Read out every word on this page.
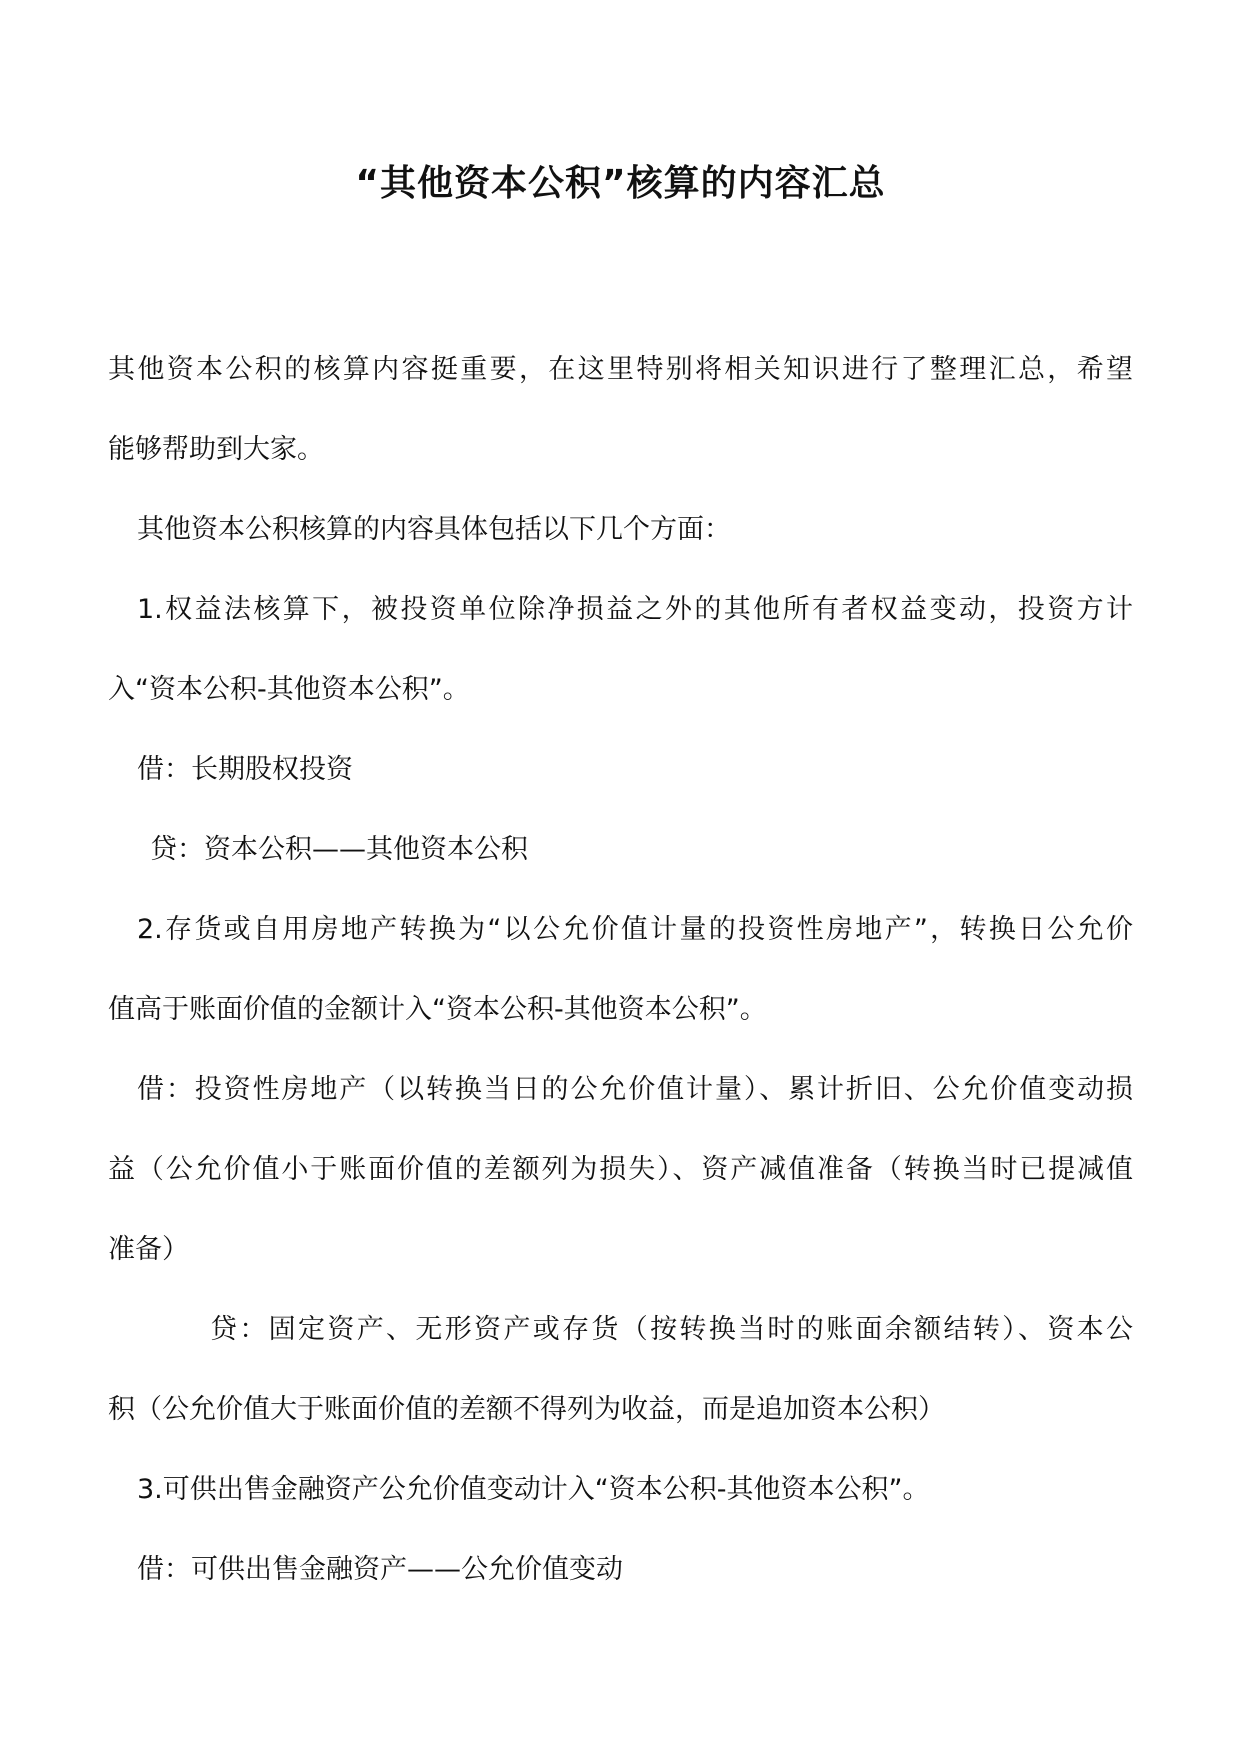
“其他资本公积”核算的内容汇总
其他资本公积的核算内容挺重要，在这里特别将相关知识进行了整理汇总，希望
能够帮助到大家。
其他资本公积核算的内容具体包括以下几个方面：
1.权益法核算下，被投资单位除净损益之外的其他所有者权益变动，投资方计
入“资本公积-其他资本公积”。
借：长期股权投资
贷：资本公积——其他资本公积
2.存货或自用房地产转换为“以公允价值计量的投资性房地产”，转换日公允价
值高于账面价值的金额计入“资本公积-其他资本公积”。
借：投资性房地产（以转换当日的公允价值计量）、累计折旧、公允价值变动损
益（公允价值小于账面价值的差额列为损失）、资产减值准备（转换当时已提减值
准备）
贷：固定资产、无形资产或存货（按转换当时的账面余额结转）、资本公
积（公允价值大于账面价值的差额不得列为收益，而是追加资本公积）
3.可供出售金融资产公允价值变动计入“资本公积-其他资本公积”。
借：可供出售金融资产——公允价值变动
